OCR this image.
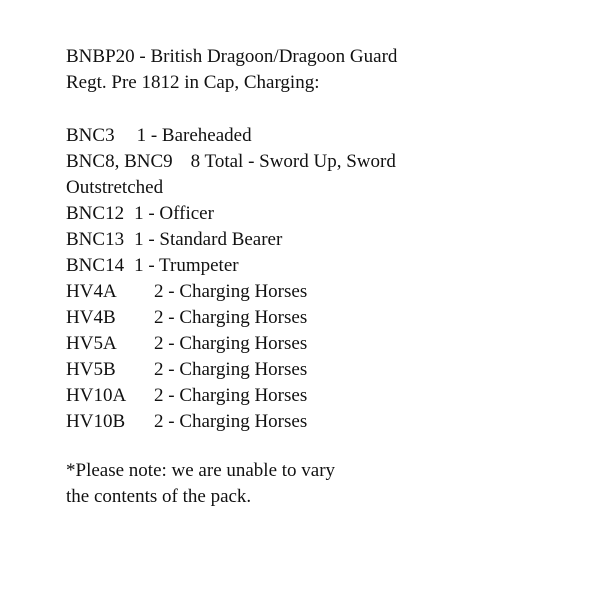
BNBP20 - British Dragoon/Dragoon Guard
Regt. Pre 1812 in Cap, Charging:
BNC3 1 - Bareheaded
BNC8, BNC9 8 Total - Sword Up, Sword
Outstretched
BNC12 1 - Officer
BNC13 1 - Standard Bearer
BNC14 1 - Trumpeter
HV4A 2 - Charging Horses
HV4B 2 - Charging Horses
HV5A 2 - Charging Horses
HV5B 2 - Charging Horses
HV10A 2 - Charging Horses
HV10B 2 - Charging Horses
*Please note: we are unable to vary
the contents of the pack.
